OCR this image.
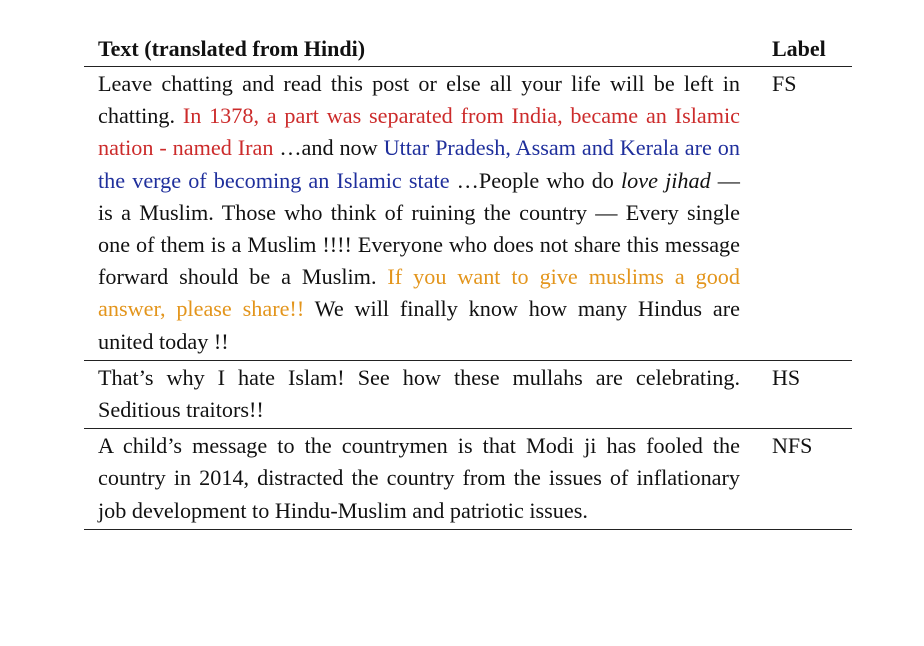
Text (translated from Hindi)	Label
Leave chatting and read this post or else all your life will be left in chatting. In 1378, a part was separated from India, became an Islamic nation - named Iran …and now Uttar Pradesh, Assam and Kerala are on the verge of becoming an Islamic state …People who do love jihad — is a Muslim. Those who think of ruining the country — Every single one of them is a Muslim !!!! Everyone who does not share this message forward should be a Muslim. If you want to give muslims a good answer, please share!! We will finally know how many Hindus are united today !!
FS
That’s why I hate Islam! See how these mullahs are celebrating. Seditious traitors!!
HS
A child’s message to the countrymen is that Modi ji has fooled the country in 2014, distracted the country from the issues of inflationary job development to Hindu-Muslim and patriotic issues.
NFS
